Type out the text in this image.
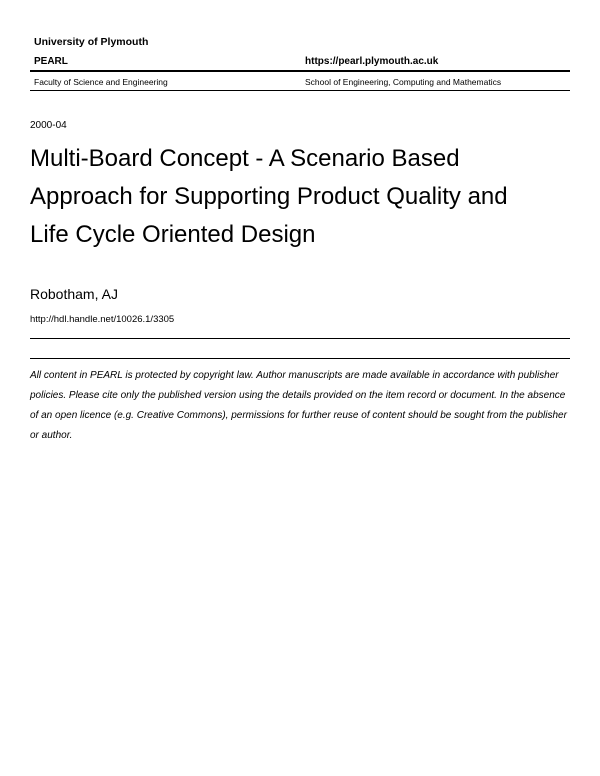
University of Plymouth
PEARL	https://pearl.plymouth.ac.uk
Faculty of Science and Engineering	School of Engineering, Computing and Mathematics
2000-04
Multi-Board Concept - A Scenario Based Approach for Supporting Product Quality and Life Cycle Oriented Design
Robotham, AJ
http://hdl.handle.net/10026.1/3305
All content in PEARL is protected by copyright law. Author manuscripts are made available in accordance with publisher policies. Please cite only the published version using the details provided on the item record or document. In the absence of an open licence (e.g. Creative Commons), permissions for further reuse of content should be sought from the publisher or author.
